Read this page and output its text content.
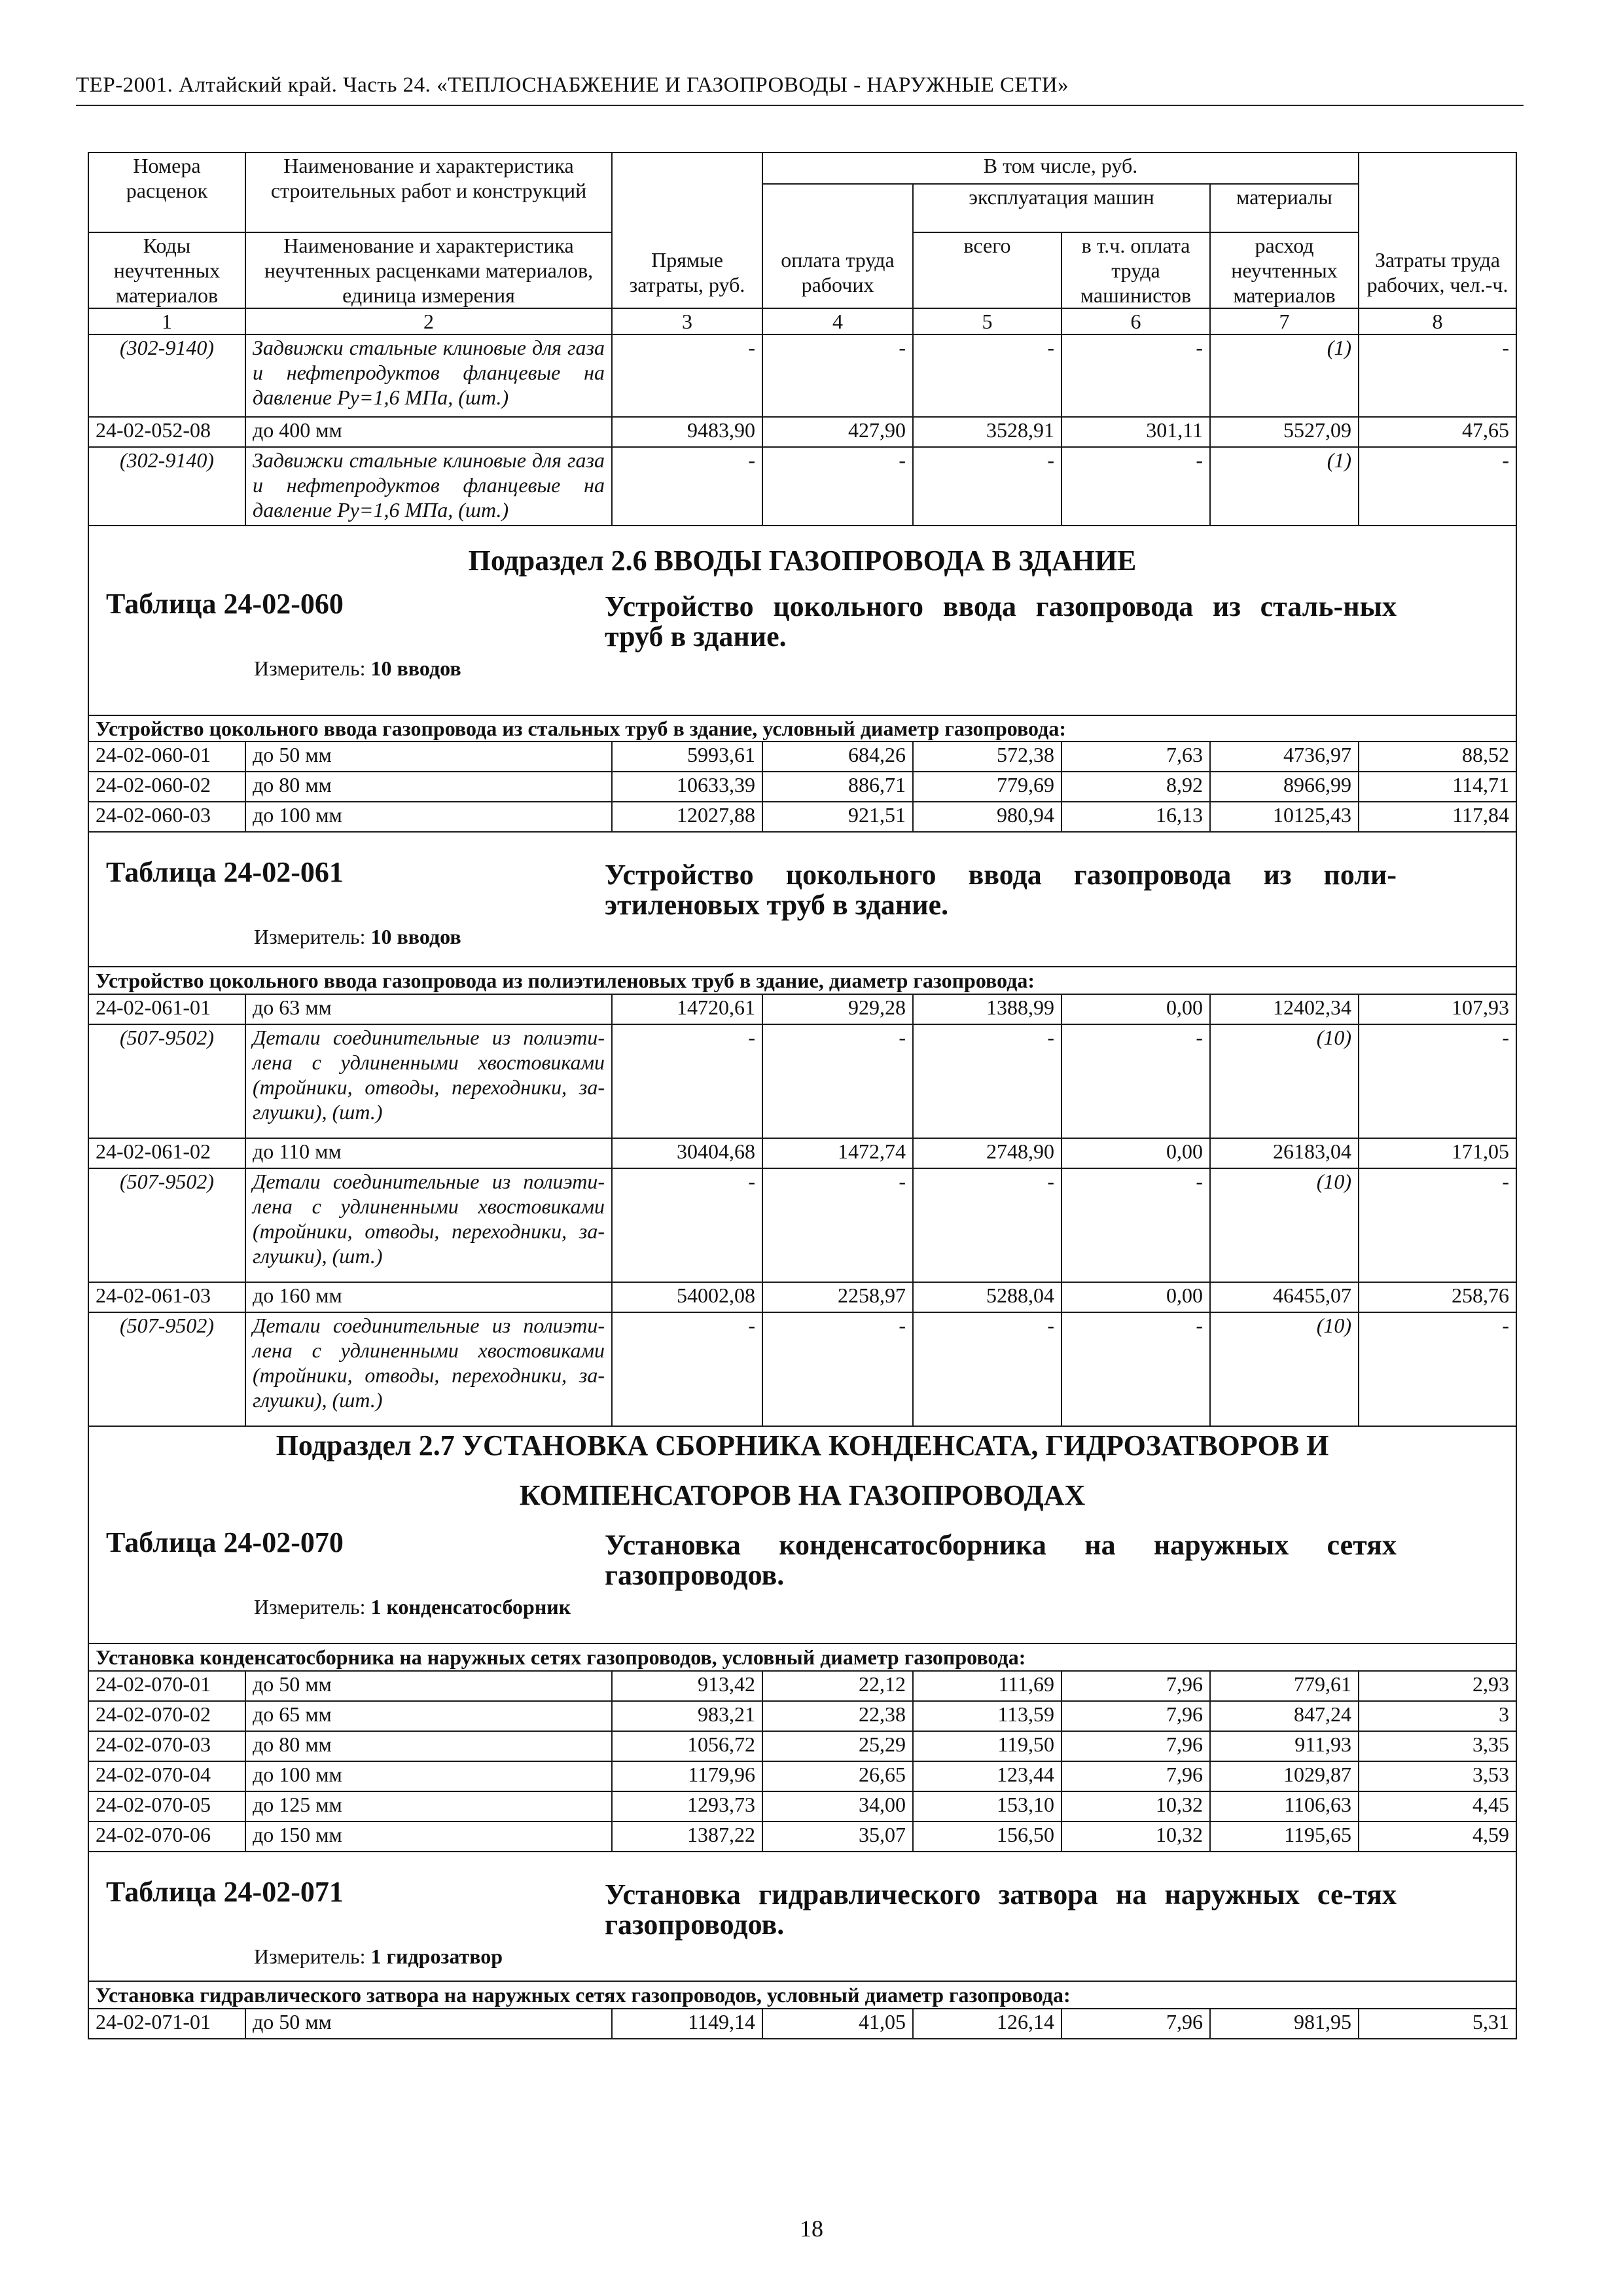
ТЕР-2001. Алтайский край. Часть 24. «ТЕПЛОСНАБЖЕНИЕ И ГАЗОПРОВОДЫ - НАРУЖНЫЕ СЕТИ»
Номера расценок	Наименование и характеристика строительных работ и конструкций	Прямые затраты, руб.	В том числе, руб.				Затраты труда рабочих, чел.-ч.
			оплата труда рабочих	эксплуатация машин		материалы	
Коды неучтенных материалов	Наименование и характеристика неучтенных расценками материалов, единица измерения			всего	в т.ч. оплата труда машинистов	расход неучтенных материалов	
1	2	3	4	5	6	7	8
(302-9140)	Задвижки стальные клиновые для газа и нефтепродуктов фланцевые на давление Ру=1,6 МПа, (шт.)	-	-	-	-	(1)	-
24-02-052-08	до 400 мм	9483,90	427,90	3528,91	301,11	5527,09	47,65
(302-9140)	Задвижки стальные клиновые для газа и нефтепродуктов фланцевые на давление Ру=1,6 МПа, (шт.)	-	-	-	-	(1)	-

Подраздел 2.6 ВВОДЫ ГАЗОПРОВОДА В ЗДАНИЕ
Таблица 24-02-060 Устройство цокольного ввода газопровода из сталь-ных труб в здание.
Измеритель: 10 вводов							

Устройство цокольного ввода газопровода из стальных труб в здание, условный диаметр газопровода:							
24-02-060-01	до 50 мм	5993,61	684,26	572,38	7,63	4736,97	88,52
24-02-060-02	до 80 мм	10633,39	886,71	779,69	8,92	8966,99	114,71
24-02-060-03	до 100 мм	12027,88	921,51	980,94	16,13	10125,43	117,84

Таблица 24-02-061 Устройство цокольного ввода газопровода из поли-этиленовых труб в здание.
Измеритель: 10 вводов							

Устройство цокольного ввода газопровода из полиэтиленовых труб в здание, диаметр газопровода:							
24-02-061-01	до 63 мм	14720,61	929,28	1388,99	0,00	12402,34	107,93
(507-9502)	Детали соединительные из полиэти-лена с удлиненными хвостовиками (тройники, отводы, переходники, за-глушки), (шт.)	-	-	-	-	(10)	-
24-02-061-02	до 110 мм	30404,68	1472,74	2748,90	0,00	26183,04	171,05
(507-9502)	Детали соединительные из полиэти-лена с удлиненными хвостовиками (тройники, отводы, переходники, за-глушки), (шт.)	-	-	-	-	(10)	-
24-02-061-03	до 160 мм	54002,08	2258,97	5288,04	0,00	46455,07	258,76
(507-9502)	Детали соединительные из полиэти-лена с удлиненными хвостовиками (тройники, отводы, переходники, за-глушки), (шт.)	-	-	-	-	(10)	-

Подраздел 2.7 УСТАНОВКА СБОРНИКА КОНДЕНСАТА, ГИДРОЗАТВОРОВ И
КОМПЕНСАТОРОВ НА ГАЗОПРОВОДАХ
Таблица 24-02-070 Установка конденсатосборника на наружных сетях газопроводов.
Измеритель: 1 конденсатосборник							

Установка конденсатосборника на наружных сетях газопроводов, условный диаметр газопровода:							
24-02-070-01	до 50 мм	913,42	22,12	111,69	7,96	779,61	2,93
24-02-070-02	до 65 мм	983,21	22,38	113,59	7,96	847,24	3
24-02-070-03	до 80 мм	1056,72	25,29	119,50	7,96	911,93	3,35
24-02-070-04	до 100 мм	1179,96	26,65	123,44	7,96	1029,87	3,53
24-02-070-05	до 125 мм	1293,73	34,00	153,10	10,32	1106,63	4,45
24-02-070-06	до 150 мм	1387,22	35,07	156,50	10,32	1195,65	4,59

Таблица 24-02-071 Установка гидравлического затвора на наружных се-тях газопроводов.
Измеритель: 1 гидрозатвор							

Установка гидравлического затвора на наружных сетях газопроводов, условный диаметр газопровода:							
24-02-071-01	до 50 мм	1149,14	41,05	126,14	7,96	981,95	5,31
18
